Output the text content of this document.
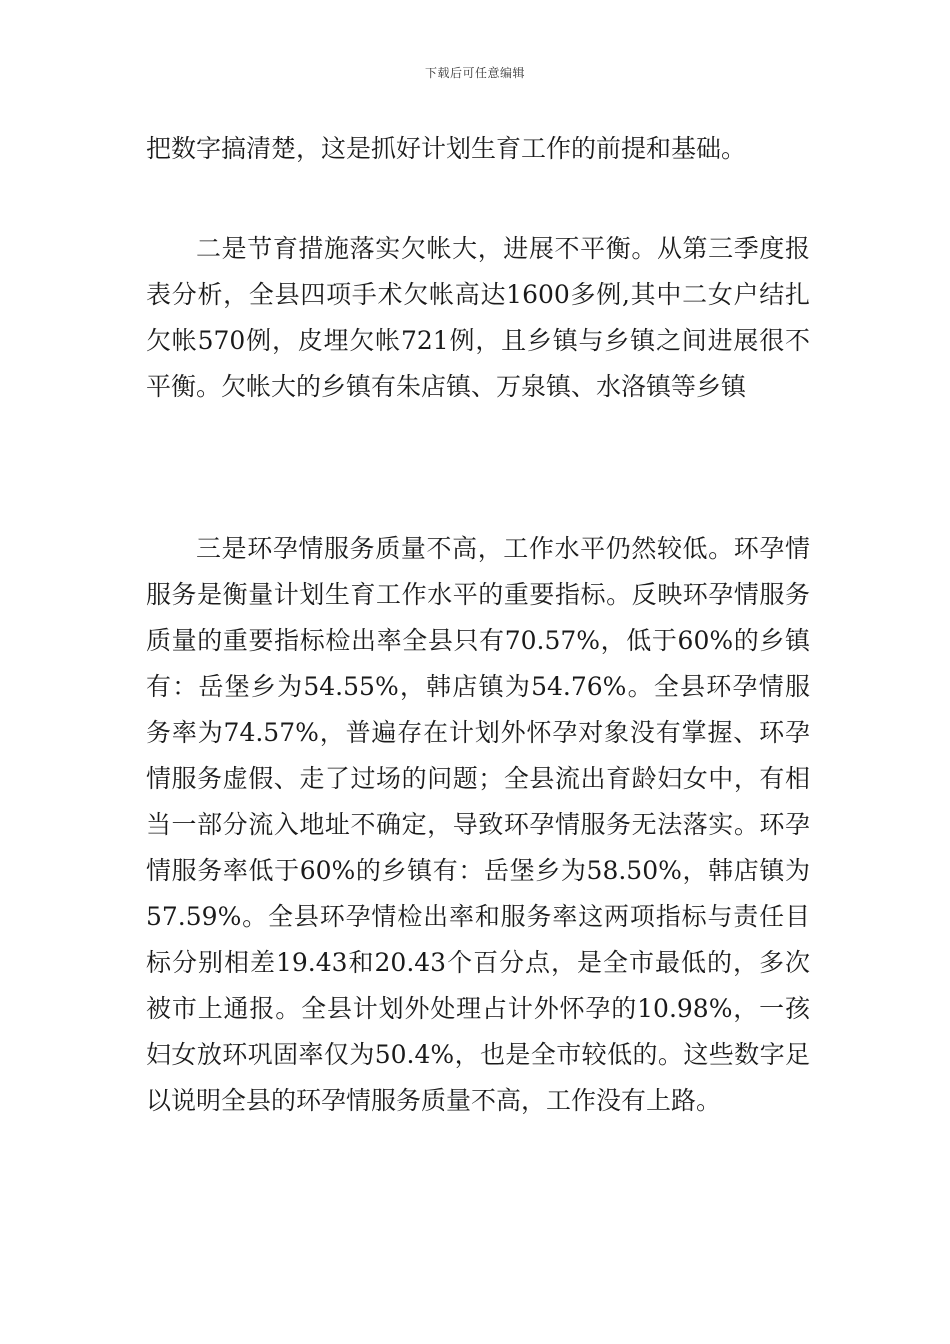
下载后可任意编辑

把数字搞清楚，这是抓好计划生育工作的前提和基础。

二是节育措施落实欠帐大，进展不平衡。从第三季度报表分析，全县四项手术欠帐高达1600多例,其中二女户结扎欠帐570例，皮埋欠帐721例，且乡镇与乡镇之间进展很不平衡。欠帐大的乡镇有朱店镇、万泉镇、水洛镇等乡镇

三是环孕情服务质量不高，工作水平仍然较低。环孕情服务是衡量计划生育工作水平的重要指标。反映环孕情服务质量的重要指标检出率全县只有70.57%，低于60%的乡镇有：岳堡乡为54.55%，韩店镇为54.76%。全县环孕情服务率为74.57%，普遍存在计划外怀孕对象没有掌握、环孕情服务虚假、走了过场的问题；全县流出育龄妇女中，有相当一部分流入地址不确定，导致环孕情服务无法落实。环孕情服务率低于60%的乡镇有：岳堡乡为58.50%，韩店镇为57.59%。全县环孕情检出率和服务率这两项指标与责任目标分别相差19.43和20.43个百分点，是全市最低的，多次被市上通报。全县计划外处理占计外怀孕的10.98%，一孩妇女放环巩固率仅为50.4%，也是全市较低的。这些数字足以说明全县的环孕情服务质量不高，工作没有上路。
